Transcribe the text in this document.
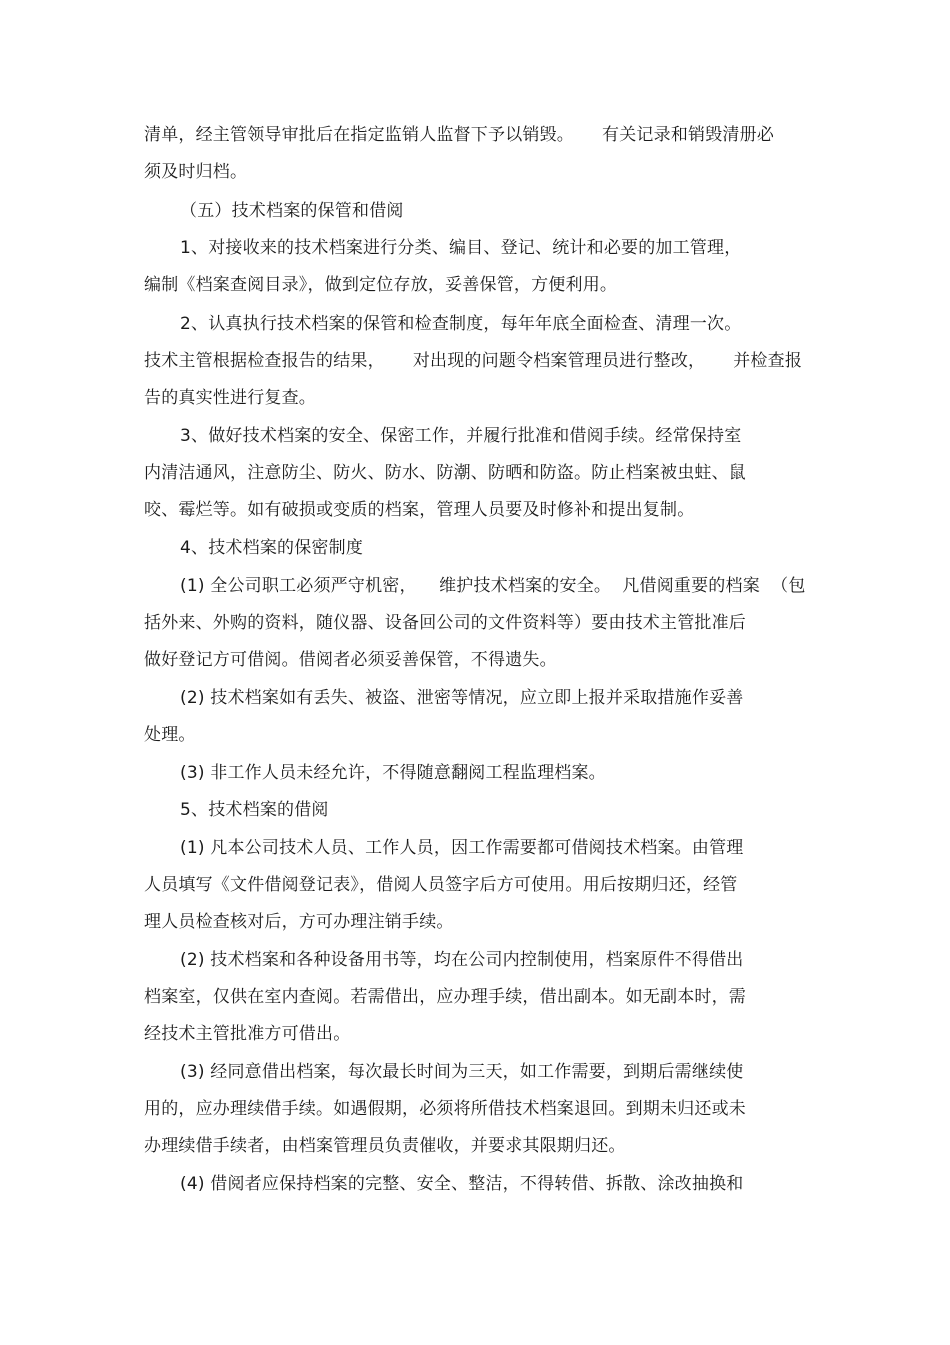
清单，经主管领导审批后在指定监销人监督下予以销毁。     有关记录和销毁清册必
须及时归档。
（五）技术档案的保管和借阅
1、对接收来的技术档案进行分类、编目、登记、统计和必要的加工管理，
编制《档案查阅目录》，做到定位存放，妥善保管，方便利用。
2、认真执行技术档案的保管和检查制度，每年年底全面检查、清理一次。
技术主管根据检查报告的结果，     对出现的问题令档案管理员进行整改，     并检查报
告的真实性进行复查。
3、做好技术档案的安全、保密工作，并履行批准和借阅手续。经常保持室
内清洁通风，注意防尘、防火、防水、防潮、防晒和防盗。防止档案被虫蛀、鼠
咬、霉烂等。如有破损或变质的档案，管理人员要及时修补和提出复制。
4、技术档案的保密制度
(1) 全公司职工必须严守机密，    维护技术档案的安全。  凡借阅重要的档案  （包
括外来、外购的资料，随仪器、设备回公司的文件资料等）要由技术主管批准后
做好登记方可借阅。借阅者必须妥善保管，不得遗失。
(2) 技术档案如有丢失、被盗、泄密等情况，应立即上报并采取措施作妥善
处理。
(3) 非工作人员未经允许，不得随意翻阅工程监理档案。
5、技术档案的借阅
(1) 凡本公司技术人员、工作人员，因工作需要都可借阅技术档案。由管理
人员填写《文件借阅登记表》，借阅人员签字后方可使用。用后按期归还，经管
理人员检查核对后，方可办理注销手续。
(2) 技术档案和各种设备用书等，均在公司内控制使用，档案原件不得借出
档案室，仅供在室内查阅。若需借出，应办理手续，借出副本。如无副本时，需
经技术主管批准方可借出。
(3) 经同意借出档案，每次最长时间为三天，如工作需要，到期后需继续使
用的，应办理续借手续。如遇假期，必须将所借技术档案退回。到期未归还或未
办理续借手续者，由档案管理员负责催收，并要求其限期归还。
(4) 借阅者应保持档案的完整、安全、整洁，不得转借、拆散、涂改抽换和
